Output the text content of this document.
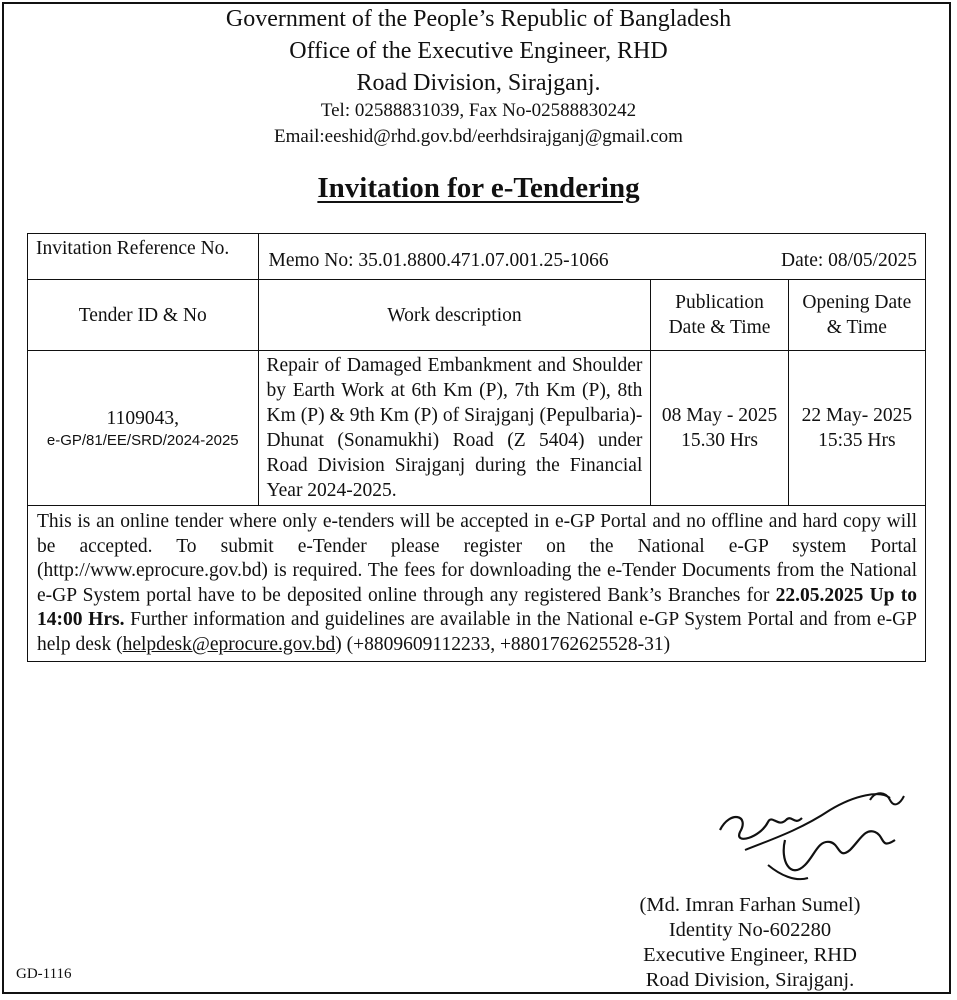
Government of the People’s Republic of Bangladesh
Office of the Executive Engineer, RHD
Road Division, Sirajganj.
Tel: 02588831039, Fax No-02588830242
Email:eeshid@rhd.gov.bd/eerhdsirajganj@gmail.com
Invitation for e-Tendering
Invitation Reference No.	Memo No: 35.01.8800.471.07.001.25-1066 Date: 08/05/2025		

Tender ID & No	Work description	Publication Date & Time	Opening Date & Time

1109043,
e-GP/81/EE/SRD/2024-2025	Repair of Damaged Embankment and Shoulder by Earth Work at 6th Km (P), 7th Km (P), 8th Km (P) & 9th Km (P) of Sirajganj (Pepulbaria)-Dhunat (Sonamukhi) Road (Z 5404) under Road Division Sirajganj during the Financial Year 2024-2025.	08 May - 2025 15.30 Hrs	22 May- 2025 15:35 Hrs
This is an online tender where only e-tenders will be accepted in e-GP Portal and no offline and hard copy will be accepted. To submit e-Tender please register on the National e-GP system Portal (http://www.eprocure.gov.bd) is required. The fees for downloading the e-Tender Documents from the National e-GP System portal have to be deposited online through any registered Bank’s Branches for 22.05.2025 Up to 14:00 Hrs. Further information and guidelines are available in the National e-GP System Portal and from e-GP help desk (helpdesk@eprocure.gov.bd) (+8809609112233, +8801762625528-31)			
(Md. Imran Farhan Sumel)
Identity No-602280
Executive Engineer, RHD
Road Division, Sirajganj.
GD-1116
